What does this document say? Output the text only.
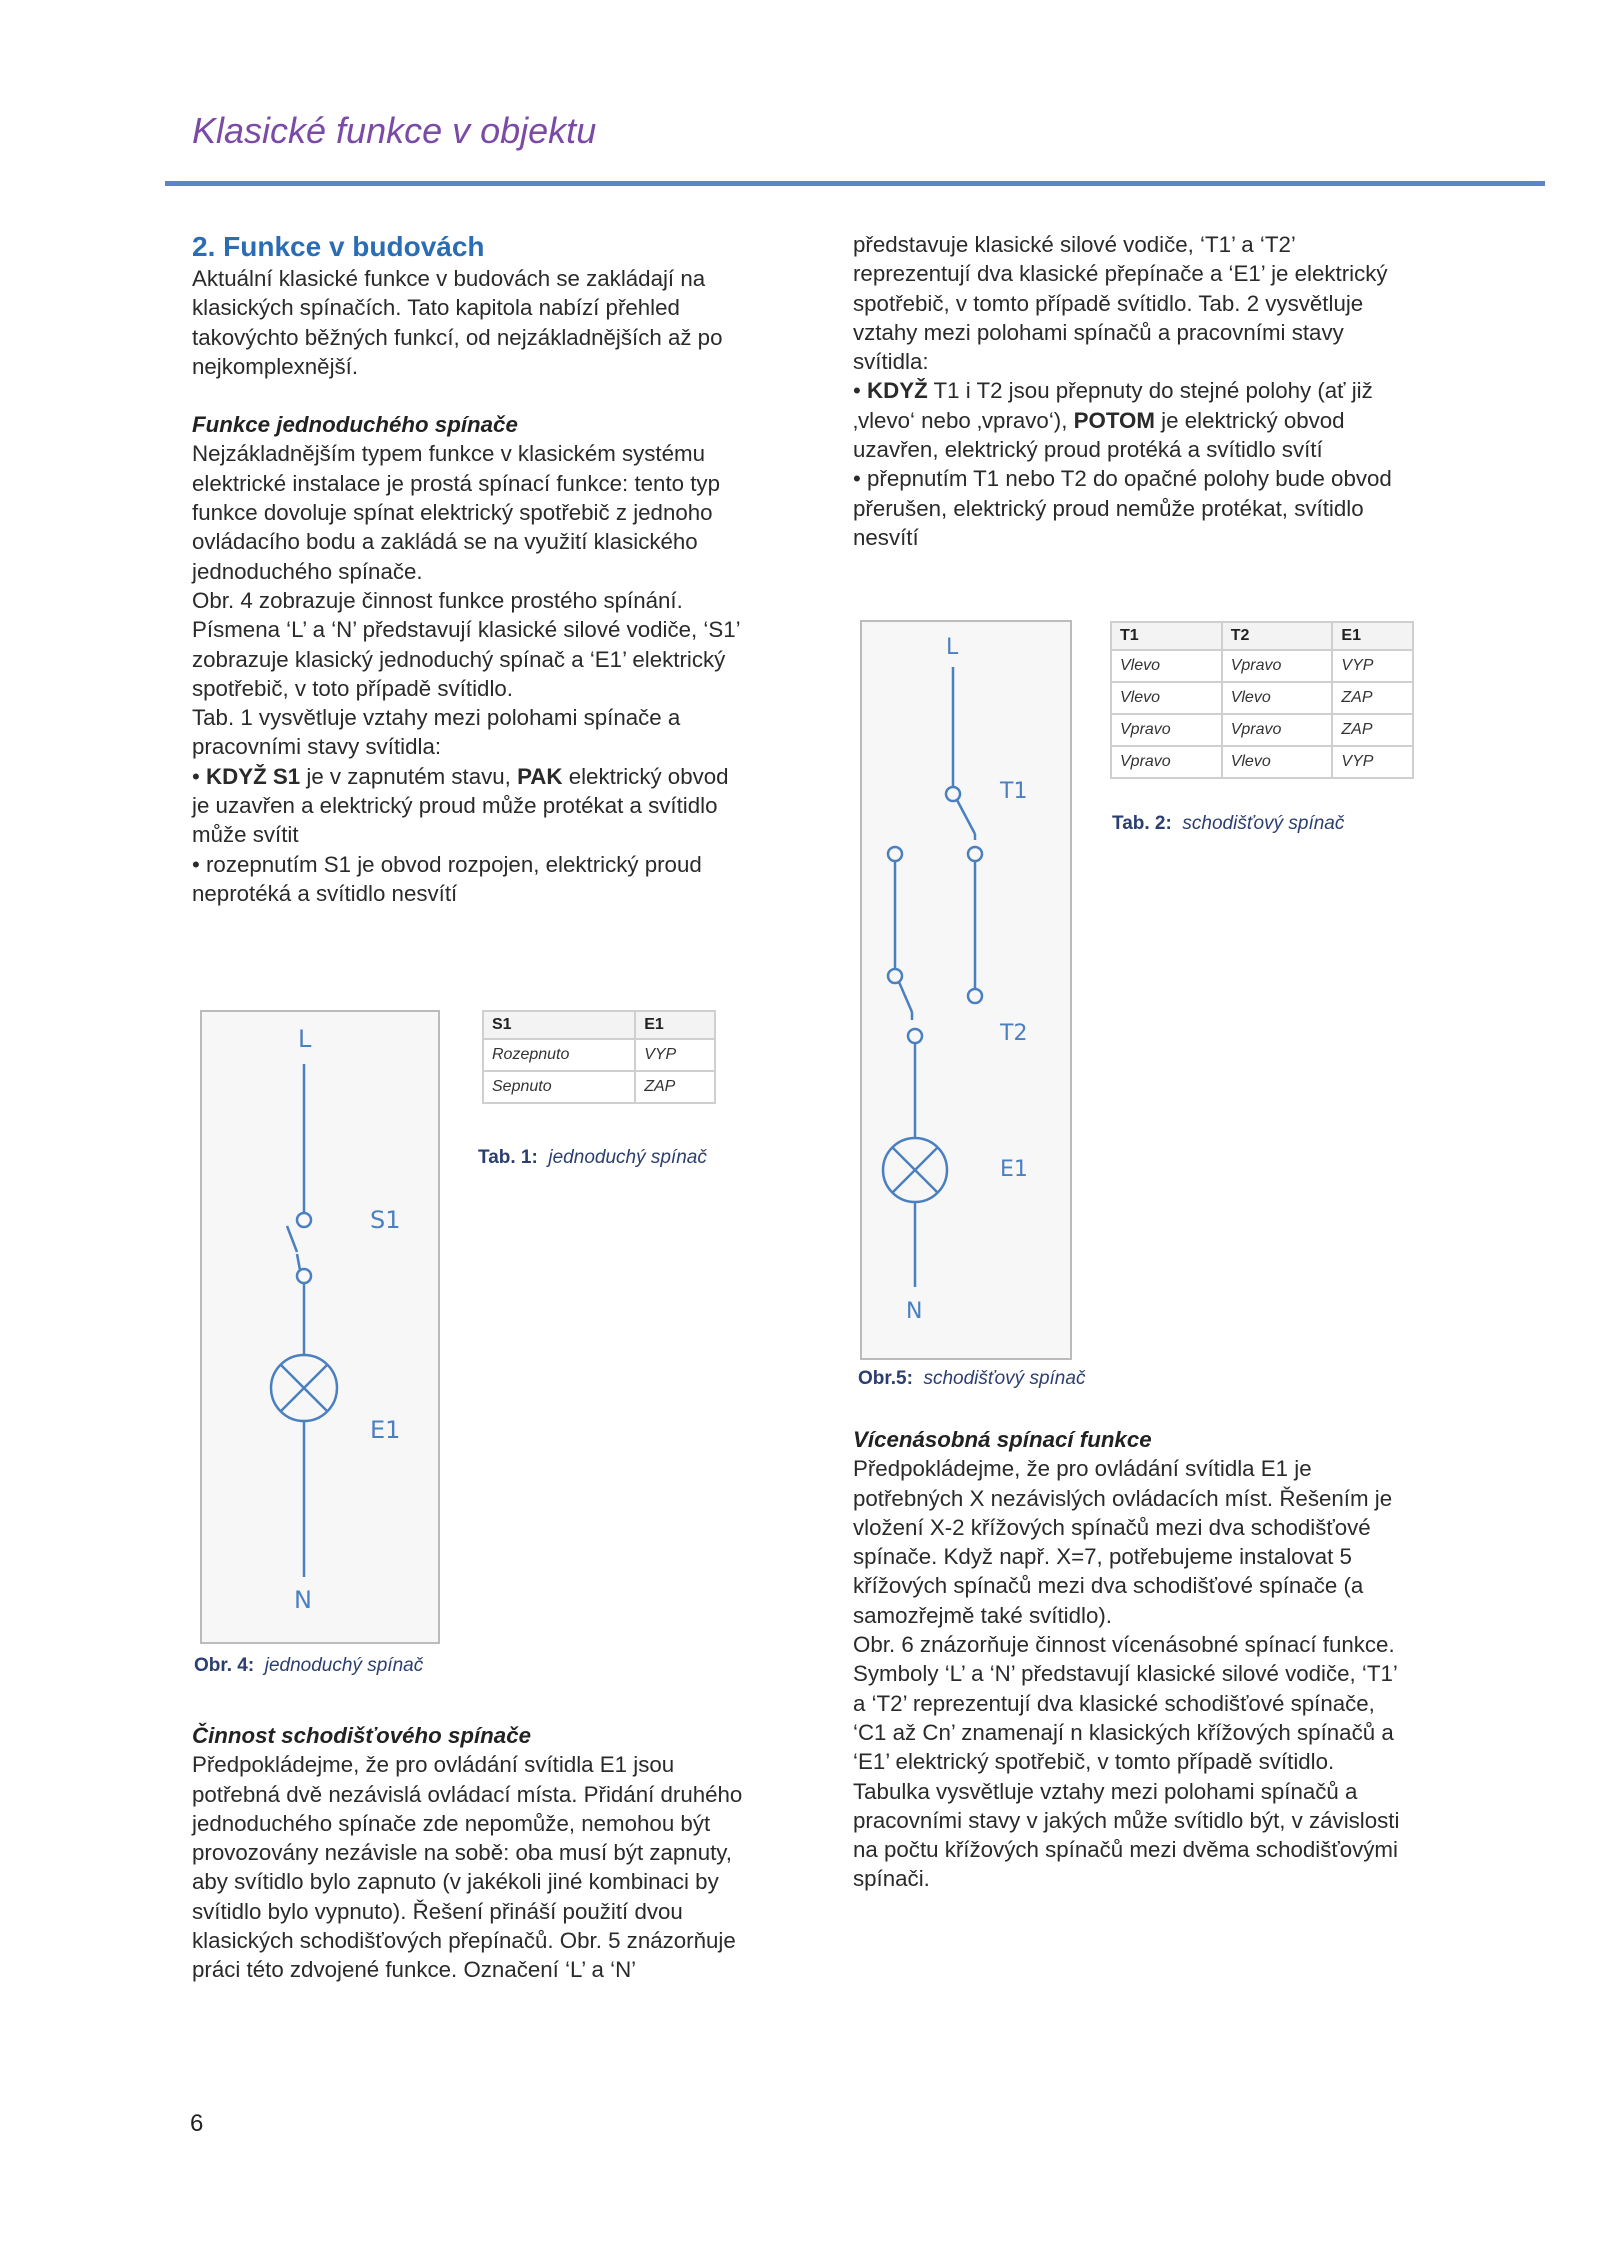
Klasické funkce v objektu
2. Funkce v budovách

Aktuální klasické funkce v budovách se zakládají na klasických spínačích. Tato kapitola nabízí přehled takovýchto běžných funkcí, od nejzákladnějších až po nejkomplexnější.

Funkce jednoduchého spínače

Nejzákladnějším typem funkce v klasickém systému elektrické instalace je prostá spínací funkce: tento typ funkce dovoluje spínat elektrický spotřebič z jednoho ovládacího bodu a zakládá se na využití klasického jednoduchého spínače.

Obr. 4 zobrazuje činnost funkce prostého spínání. Písmena ‘L’ a ‘N’ představují klasické silové vodiče, ‘S1’ zobrazuje klasický jednoduchý spínač a ‘E1’ elektrický spotřebič, v toto případě svítidlo.

Tab. 1 vysvětluje vztahy mezi polohami spínače a pracovními stavy svítidla:

• KDYŽ S1 je v zapnutém stavu, PAK elektrický obvod je uzavřen a elektrický proud může protékat a svítidlo může svítit

• rozepnutím S1 je obvod rozpojen, elektrický proud neprotéká a svítidlo nesvítí

L
S1
E1
N
Obr. 4: jednoduchý spínač
S1	E1
Rozepnuto	VYP
Sepnuto	ZAP
Tab. 1: jednoduchý spínač

Činnost schodišťového spínače

Předpokládejme, že pro ovládání svítidla E1 jsou potřebná dvě nezávislá ovládací místa. Přidání druhého jednoduchého spínače zde nepomůže, nemohou být provozovány nezávisle na sobě: oba musí být zapnuty, aby svítidlo bylo zapnuto (v jakékoli jiné kombinaci by svítidlo bylo vypnuto). Řešení přináší použití dvou klasických schodišťových přepínačů. Obr. 5 znázorňuje práci této zdvojené funkce. Označení ‘L’ a ‘N’

představuje klasické silové vodiče, ‘T1’ a ‘T2’ reprezentují dva klasické přepínače a ‘E1’ je elektrický spotřebič, v tomto případě svítidlo. Tab. 2 vysvětluje vztahy mezi polohami spínačů a pracovními stavy svítidla:

• KDYŽ T1 i T2 jsou přepnuty do stejné polohy (ať již ‚vlevo‘ nebo ‚vpravo‘), POTOM je elektrický obvod uzavřen, elektrický proud protéká a svítidlo svítí

• přepnutím T1 nebo T2 do opačné polohy bude obvod přerušen, elektrický proud nemůže protékat, svítidlo nesvítí

L
T1
T2
E1
N
Obr.5: schodišťový spínač
T1	T2	E1
Vlevo	Vpravo	VYP
Vlevo	Vlevo	ZAP
Vpravo	Vpravo	ZAP
Vpravo	Vlevo	VYP
Tab. 2: schodišťový spínač

Vícenásobná spínací funkce

Předpokládejme, že pro ovládání svítidla E1 je potřebných X nezávislých ovládacích míst. Řešením je vložení X-2 křížových spínačů mezi dva schodišťové spínače. Když např. X=7, potřebujeme instalovat 5 křížových spínačů mezi dva schodišťové spínače (a samozřejmě také svítidlo).

Obr. 6 znázorňuje činnost vícenásobné spínací funkce. Symboly ‘L’ a ‘N’ představují klasické silové vodiče, ‘T1’ a ‘T2’ reprezentují dva klasické schodišťové spínače, ‘C1 až Cn’ znamenají n klasických křížových spínačů a ‘E1’ elektrický spotřebič, v tomto případě svítidlo. Tabulka vysvětluje vztahy mezi polohami spínačů a pracovními stavy v jakých může svítidlo být, v závislosti na počtu křížových spínačů mezi dvěma schodišťovými spínači.

6
